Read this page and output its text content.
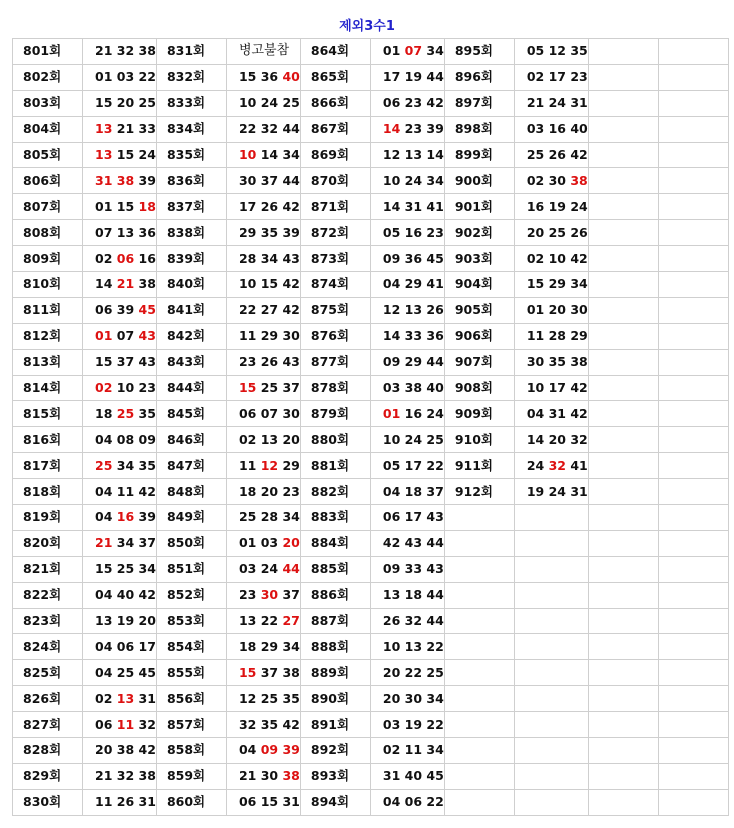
제외3수1
801회	21 32 38	831회	병고불참	864회	01 07 34	895회	05 12 35		
802회	01 03 22	832회	15 36 40	865회	17 19 44	896회	02 17 23		
803회	15 20 25	833회	10 24 25	866회	06 23 42	897회	21 24 31		
804회	13 21 33	834회	22 32 44	867회	14 23 39	898회	03 16 40		
805회	13 15 24	835회	10 14 34	869회	12 13 14	899회	25 26 42		
806회	31 38 39	836회	30 37 44	870회	10 24 34	900회	02 30 38		
807회	01 15 18	837회	17 26 42	871회	14 31 41	901회	16 19 24		
808회	07 13 36	838회	29 35 39	872회	05 16 23	902회	20 25 26		
809회	02 06 16	839회	28 34 43	873회	09 36 45	903회	02 10 42		
810회	14 21 38	840회	10 15 42	874회	04 29 41	904회	15 29 34		
811회	06 39 45	841회	22 27 42	875회	12 13 26	905회	01 20 30		
812회	01 07 43	842회	11 29 30	876회	14 33 36	906회	11 28 29		
813회	15 37 43	843회	23 26 43	877회	09 29 44	907회	30 35 38		
814회	02 10 23	844회	15 25 37	878회	03 38 40	908회	10 17 42		
815회	18 25 35	845회	06 07 30	879회	01 16 24	909회	04 31 42		
816회	04 08 09	846회	02 13 20	880회	10 24 25	910회	14 20 32		
817회	25 34 35	847회	11 12 29	881회	05 17 22	911회	24 32 41		
818회	04 11 42	848회	18 20 23	882회	04 18 37	912회	19 24 31		
819회	04 16 39	849회	25 28 34	883회	06 17 43				
820회	21 34 37	850회	01 03 20	884회	42 43 44				
821회	15 25 34	851회	03 24 44	885회	09 33 43				
822회	04 40 42	852회	23 30 37	886회	13 18 44				
823회	13 19 20	853회	13 22 27	887회	26 32 44				
824회	04 06 17	854회	18 29 34	888회	10 13 22				
825회	04 25 45	855회	15 37 38	889회	20 22 25				
826회	02 13 31	856회	12 25 35	890회	20 30 34				
827회	06 11 32	857회	32 35 42	891회	03 19 22				
828회	20 38 42	858회	04 09 39	892회	02 11 34				
829회	21 32 38	859회	21 30 38	893회	31 40 45				
830회	11 26 31	860회	06 15 31	894회	04 06 22				
